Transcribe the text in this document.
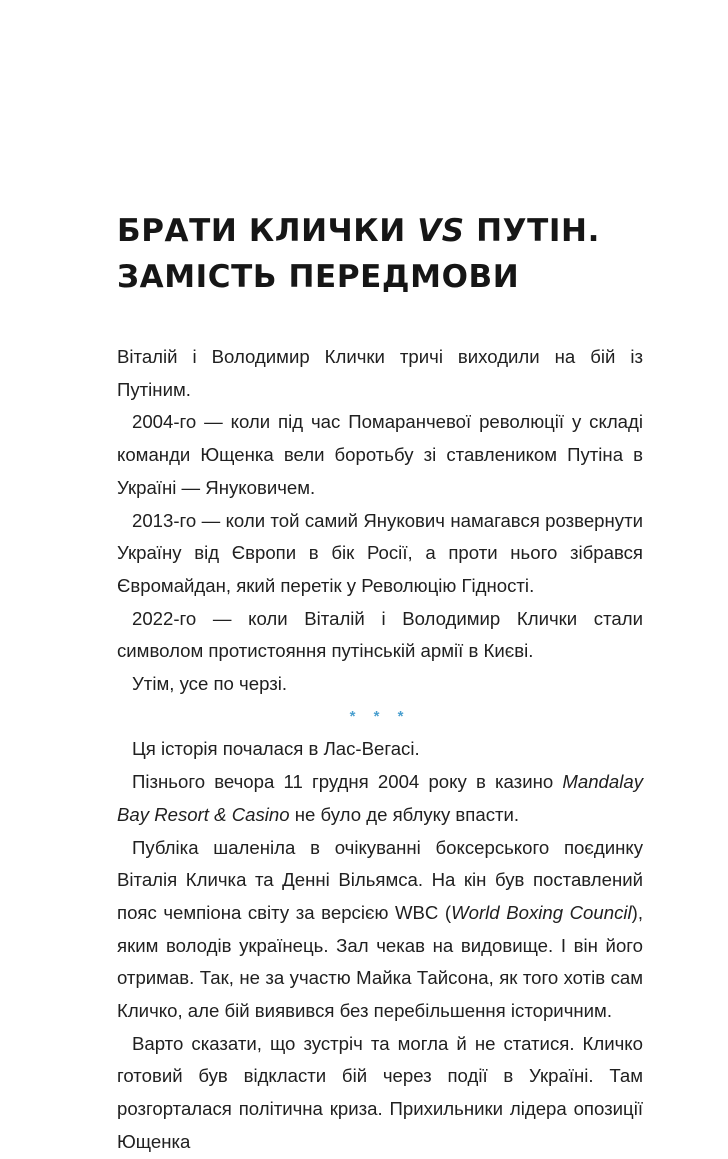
БРАТИ КЛИЧКИ VS ПУТІН.
ЗАМІСТЬ ПЕРЕДМОВИ

Віталій і Володимир Клички тричі виходили на бій із Путіним.

2004-го — коли під час Помаранчевої революції у складі команди Ющенка вели боротьбу зі ставлеником Путіна в Україні — Януковичем.

2013-го — коли той самий Янукович намагався розвернути Україну від Європи в бік Росії, а проти нього зібрався Євромайдан, який перетік у Революцію Гідності.

2022-го — коли Віталій і Володимир Клички стали символом протистояння путінській армії в Києві.

Утім, усе по черзі.

* * *

Ця історія почалася в Лас-Вегасі.

Пізнього вечора 11 грудня 2004 року в казино Mandalay Bay Resort & Casino не було де яблуку впасти.

Публіка шаленіла в очікуванні боксерського поєдинку Віталія Кличка та Денні Вільямса. На кін був поставлений пояс чемпіона світу за версією WBC (World Boxing Council), яким володів українець. Зал чекав на видовище. І він його отримав. Так, не за участю Майка Тайсона, як того хотів сам Кличко, але бій виявився без перебільшення історичним.

Варто сказати, що зустріч та могла й не статися. Кличко готовий був відкласти бій через події в Україні. Там розгорталася політична криза. Прихильники лідера опозиції Ющенка
